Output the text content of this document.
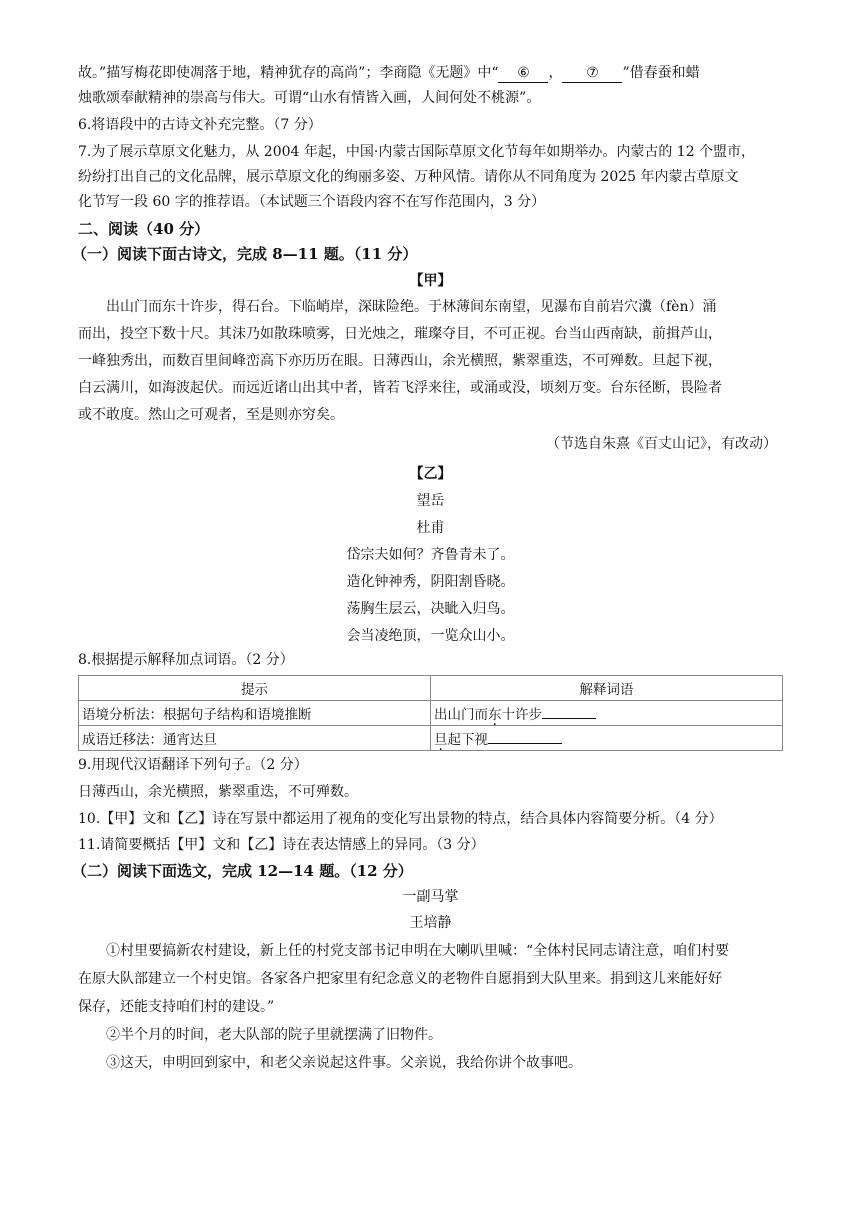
故。”描写梅花即使凋落于地，精神犹存的高尚”；李商隐《无题》中“ ⑥ ， ⑦ ”借春蚕和蜡

烛歌颂奉献精神的崇高与伟大。可谓“山水有情皆入画，人间何处不桃源”。

6.将语段中的古诗文补充完整。（7 分）

7.为了展示草原文化魅力，从 2004 年起，中国·内蒙古国际草原文化节每年如期举办。内蒙古的 12 个盟市，

纷纷打出自己的文化品牌，展示草原文化的绚丽多姿、万种风情。请你从不同角度为 2025 年内蒙古草原文

化节写一段 60 字的推荐语。（本试题三个语段内容不在写作范围内，3 分）

二、阅读（40 分）

（一）阅读下面古诗文，完成 8—11 题。（11 分）

【甲】

出山门而东十许步，得石台。下临峭岸，深昧险绝。于林薄间东南望，见瀑布自前岩穴瀵（fèn）涌

而出，投空下数十尺。其沫乃如散珠喷雾，日光烛之，璀璨夺目，不可正视。台当山西南缺，前揖芦山，

一峰独秀出，而数百里间峰峦高下亦历历在眼。日薄西山，余光横照，紫翠重迭，不可殚数。旦起下视，

白云满川，如海波起伏。而远近诸山出其中者，皆若飞浮来往，或涌或没，顷刻万变。台东径断，畏险者

或不敢度。然山之可观者，至是则亦穷矣。

（节选自朱熹《百丈山记》，有改动）

【乙】

望岳

杜甫

岱宗夫如何？齐鲁青未了。

造化钟神秀，阴阳割昏晓。

荡胸生层云，决眦入归鸟。

会当凌绝顶，一览众山小。

8.根据提示解释加点词语。（2 分）

提示	解释词语
语境分析法：根据句子结构和语境推断	出山门而东十许步
成语迁移法：通宵达旦	旦起下视

9.用现代汉语翻译下列句子。（2 分）

日薄西山，余光横照，紫翠重迭，不可殚数。

10.【甲】文和【乙】诗在写景中都运用了视角的变化写出景物的特点，结合具体内容简要分析。（4 分）

11.请简要概括【甲】文和【乙】诗在表达情感上的异同。（3 分）

（二）阅读下面选文，完成 12—14 题。（12 分）

一副马掌

王培静

①村里要搞新农村建设，新上任的村党支部书记申明在大喇叭里喊：“全体村民同志请注意，咱们村要

在原大队部建立一个村史馆。各家各户把家里有纪念意义的老物件自愿捐到大队里来。捐到这儿来能好好

保存，还能支持咱们村的建设。”

②半个月的时间，老大队部的院子里就摆满了旧物件。

③这天，申明回到家中，和老父亲说起这件事。父亲说，我给你讲个故事吧。
